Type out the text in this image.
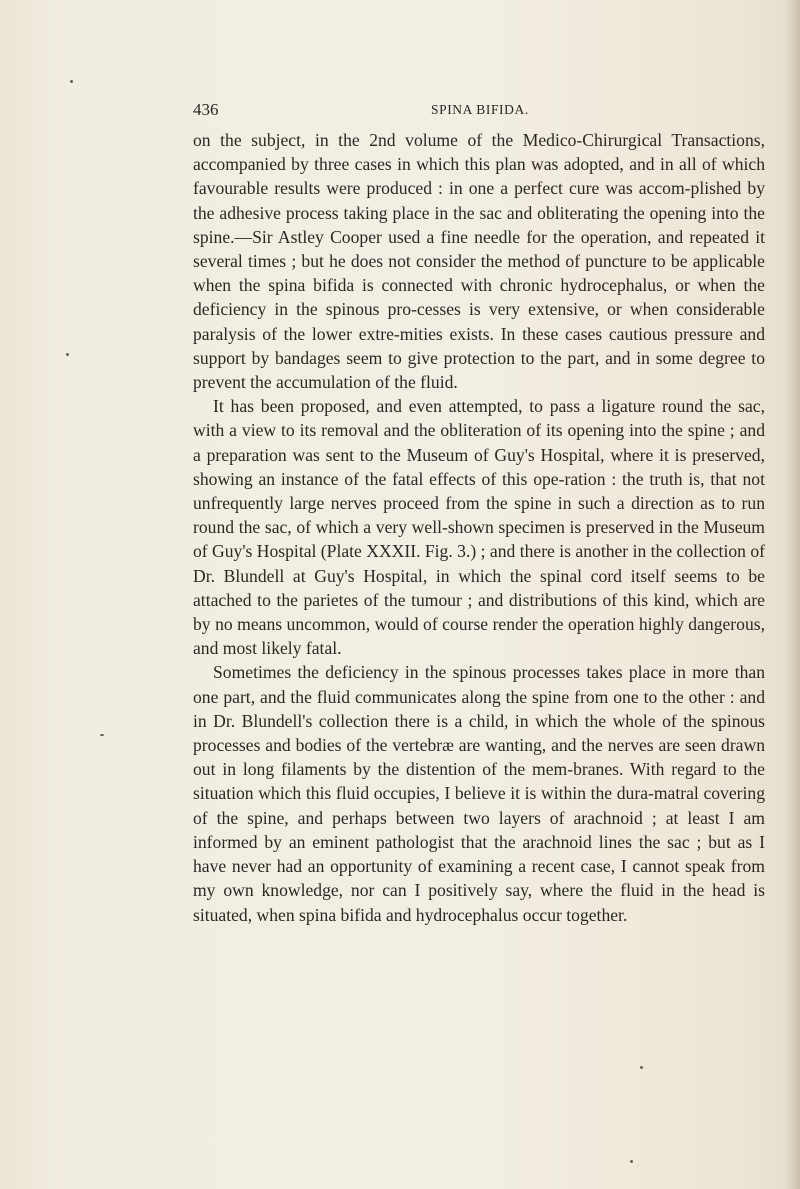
436	SPINA BIFIDA.

on the subject, in the 2nd volume of the Medico-Chirurgical Transactions, accompanied by three cases in which this plan was adopted, and in all of which favourable results were produced : in one a perfect cure was accom-plished by the adhesive process taking place in the sac and obliterating the opening into the spine.—Sir Astley Cooper used a fine needle for the operation, and repeated it several times ; but he does not consider the method of puncture to be applicable when the spina bifida is connected with chronic hydrocephalus, or when the deficiency in the spinous pro-cesses is very extensive, or when considerable paralysis of the lower extre-mities exists. In these cases cautious pressure and support by bandages seem to give protection to the part, and in some degree to prevent the accumulation of the fluid.

It has been proposed, and even attempted, to pass a ligature round the sac, with a view to its removal and the obliteration of its opening into the spine ; and a preparation was sent to the Museum of Guy's Hospital, where it is preserved, showing an instance of the fatal effects of this ope-ration : the truth is, that not unfrequently large nerves proceed from the spine in such a direction as to run round the sac, of which a very well-shown specimen is preserved in the Museum of Guy's Hospital (Plate XXXII. Fig. 3.) ; and there is another in the collection of Dr. Blundell at Guy's Hospital, in which the spinal cord itself seems to be attached to the parietes of the tumour ; and distributions of this kind, which are by no means uncommon, would of course render the operation highly dangerous, and most likely fatal.

Sometimes the deficiency in the spinous processes takes place in more than one part, and the fluid communicates along the spine from one to the other : and in Dr. Blundell's collection there is a child, in which the whole of the spinous processes and bodies of the vertebræ are wanting, and the nerves are seen drawn out in long filaments by the distention of the mem-branes. With regard to the situation which this fluid occupies, I believe it is within the dura-matral covering of the spine, and perhaps between two layers of arachnoid ; at least I am informed by an eminent pathologist that the arachnoid lines the sac ; but as I have never had an opportunity of examining a recent case, I cannot speak from my own knowledge, nor can I positively say, where the fluid in the head is situated, when spina bifida and hydrocephalus occur together.
